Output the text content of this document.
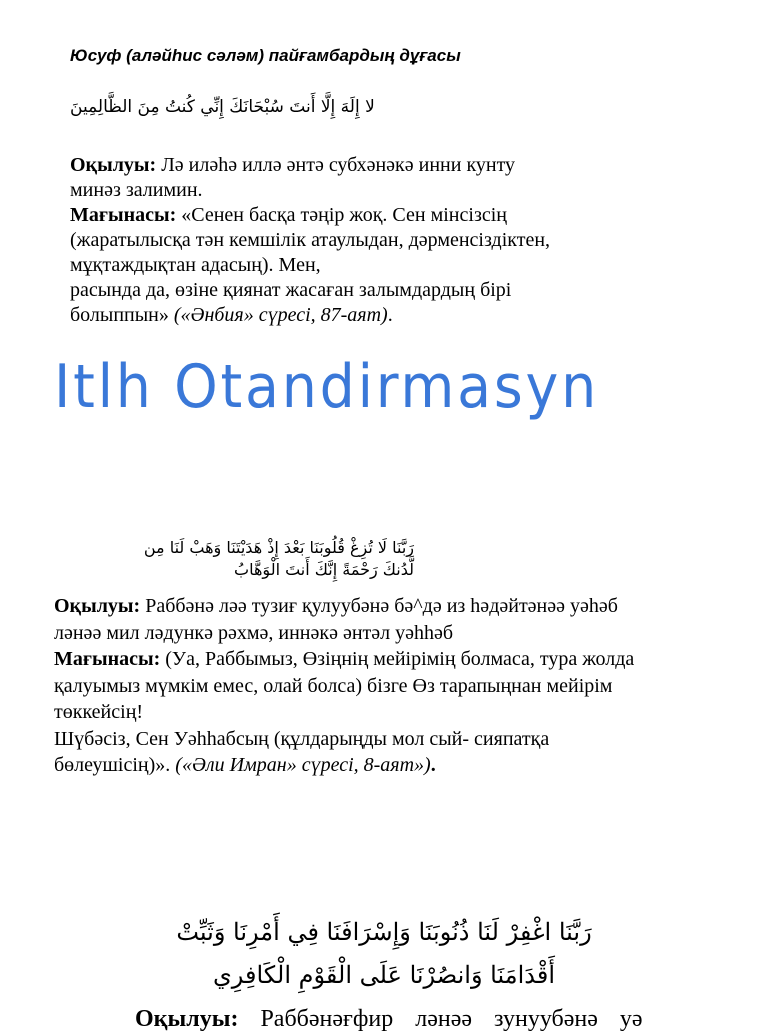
Юсуф (аләйһис сәләм) пайғамбардың дұғасы
لا إِلَهَ إِلَّا أَنتَ سُبْحَانَكَ إِنِّي كُنتُ مِنَ الظَّالِمِينَ
Оқылуы: Лә иләһә иллә әнтә субхәнәкә инни кунту
минәз залимин.
Мағынасы: «Сенен басқа тәңір жоқ. Сен мінсізсің
(жаратылысқа тән кемшілік атаулыдан, дәрменсіздіктен,
мұқтаждықтан адасың). Мен,
расында да, өзіне қиянат жасаған залымдардың бірі
болыппын» («Әнбия» сүресі, 87-аят).
Itlh Otandirmasyn
رَبَّنَا لَا تُزِغْ قُلُوبَنَا بَعْدَ إِذْ هَدَيْتَنَا وَهَبْ لَنَا مِن
لَّدُنكَ رَحْمَةً إِنَّكَ أَنتَ الْوَهَّابُ
Оқылуы: Раббәнә ләә тузиғ қулуубәнә бә^дә из һәдәйтәнәә уәһәб
ләнәә мил ләдункә рәхмә, иннәкә әнтәл уәһһәб
Мағынасы: (Уа, Раббымыз, Өзіңнің мейірімің болмаса, тура жолда
қалуымыз мүмкім емес, олай болса) бізге Өз тарапыңнан мейірім
төккейсің!
Шүбәсіз, Сен Уәһһабсың (құлдарыңды мол сый- сияпатқа
бөлеушісің)». («Әли Имран» сүресі, 8-аят»).
رَبَّنَا اغْفِرْ لَنَا ذُنُوبَنَا وَإِسْرَافَنَا فِي أَمْرِنَا وَثَبِّتْ
أَقْدَامَنَا وَانصُرْنَا عَلَى الْقَوْمِ الْكَافِرِي
Оқылуы: Раббәнәғфир ләнәә зунуубәнә уә
